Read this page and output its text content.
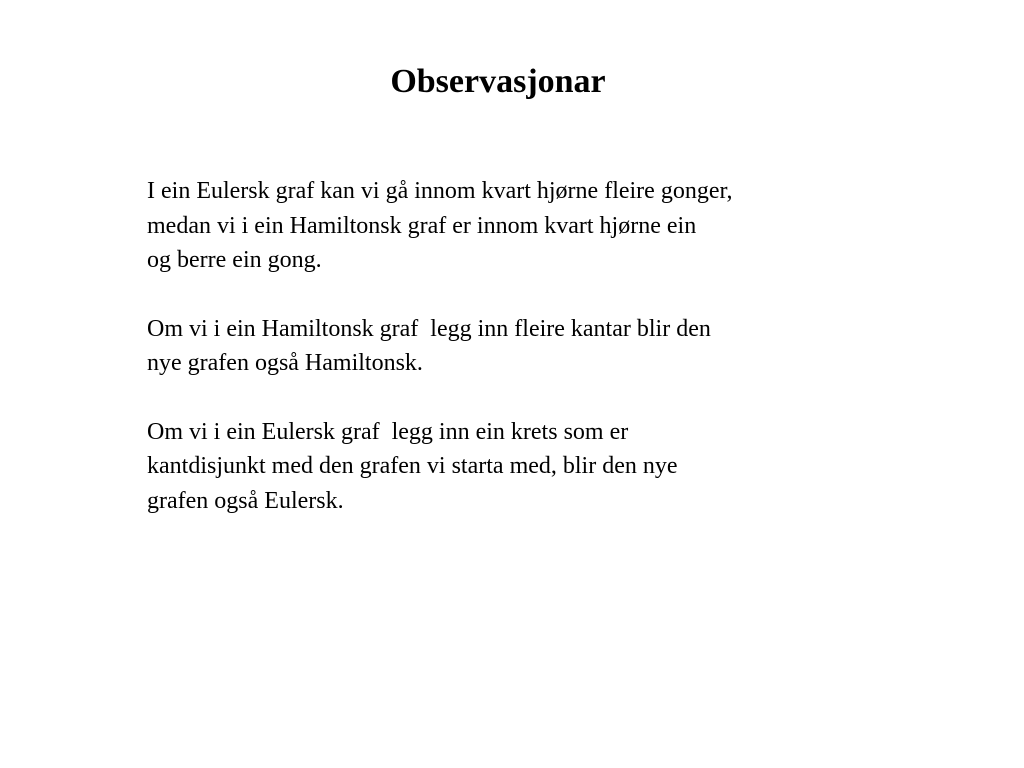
Observasjonar

I ein Eulersk graf kan vi gå innom kvart hjørne fleire gonger,
medan vi i ein Hamiltonsk graf er innom kvart hjørne ein
og berre ein gong.

Om vi i ein Hamiltonsk graf  legg inn fleire kantar blir den
nye grafen også Hamiltonsk.

Om vi i ein Eulersk graf  legg inn ein krets som er
kantdisjunkt med den grafen vi starta med, blir den nye
grafen også Eulersk.
